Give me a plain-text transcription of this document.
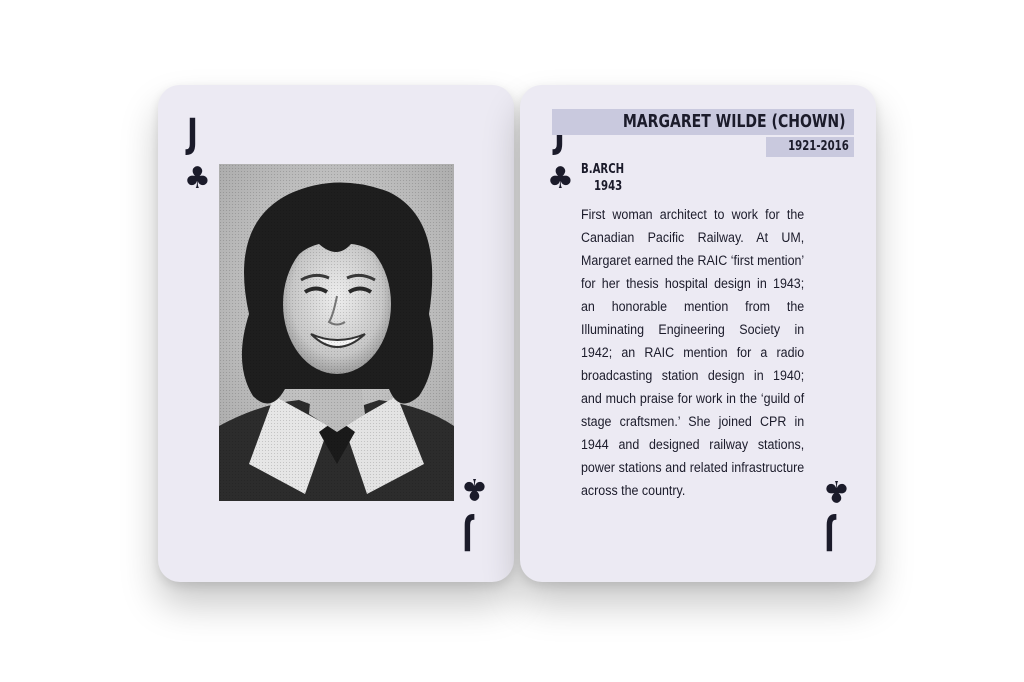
J
♣
♣
J
♣
MARGARET WILDE (CHOWN)
1921-2016
B.ARCH
1943
First woman architect to work for the Canadian Pacific Railway. At UM, Margaret earned the RAIC ‘first mention’ for her thesis hospital design in 1943; an honorable mention from the Illuminating Engineering Society in 1942; an RAIC mention for a radio broadcasting station design in 1940; and much praise for work in the ‘guild of stage craftsmen.’ She joined CPR in 1944 and designed railway stations, power stations and related infrastructure across the country.	♣
J
